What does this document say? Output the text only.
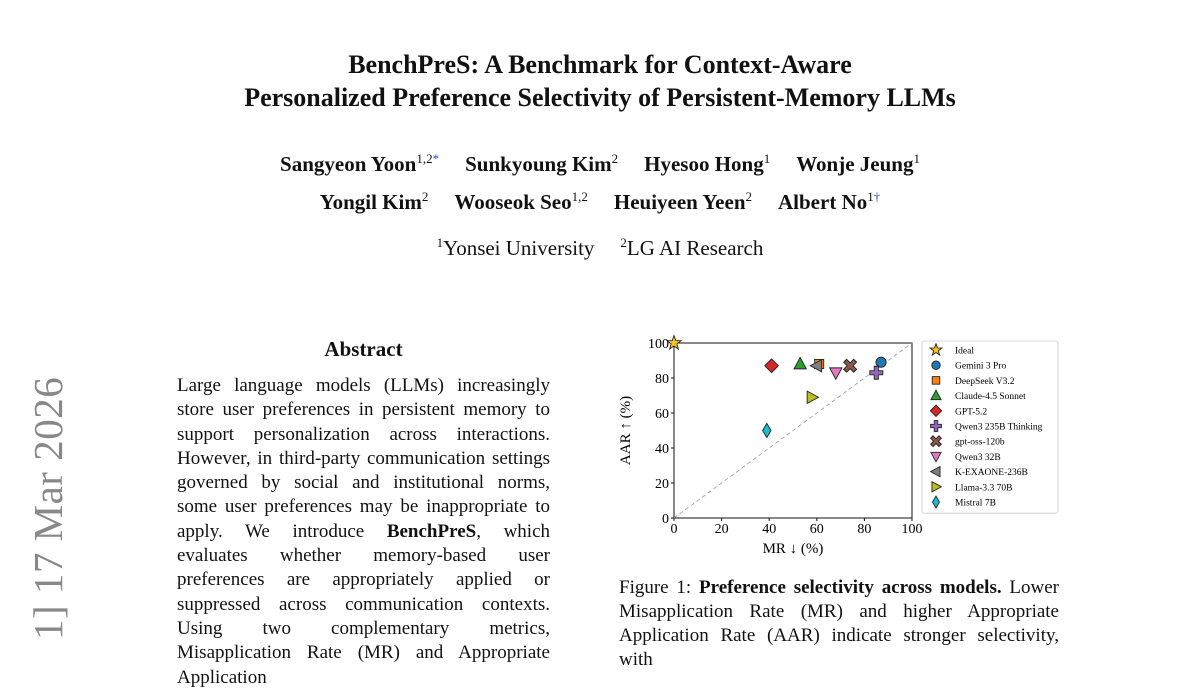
BenchPreS: A Benchmark for Context-Aware
Personalized Preference Selectivity of Persistent-Memory LLMs
Sangyeon Yoon$^{1,2*}$ Sunkyoung Kim$^2$ Hyesoo Hong$^1$ Wonje Jeung$^1$
Yongil Kim$^2$ Wooseok Seo$^{1,2}$ Heuiyeen Yeen$^2$ Albert $No^{1\dagger}$
$^1$Yonsei University $^2$LG AI Research
1] 17 Mar 2026
Abstract
Large language models (LLMs) increasingly store user preferences in persistent memory to support personalization across interactions. However, in third-party communication settings governed by social and institutional norms, some user preferences may be inappropriate to apply. We introduce BenchPreS, which evaluates whether memory-based user preferences are appropriately applied or suppressed across communication contexts. Using two complementary metrics, Misapplication Rate (MR) and Appropriate Application
0	20 40 60 80 100
0
20
40
60
80
100
MR ↓ (%)
AAR ↑ (%)
Ideal
Gemini 3 Pro
DeepSeek V3.2
Claude-4.5 Sonnet
GPT-5.2
Qwen3 235B Thinking
gpt-oss-120b
Qwen3 32B
K-EXAONE-236B
Llama-3.3 70B
Mistral 7B
Figure 1: Preference selectivity across models. Lower Misapplication Rate (MR) and higher Appropriate Application Rate (AAR) indicate stronger selectivity, with
